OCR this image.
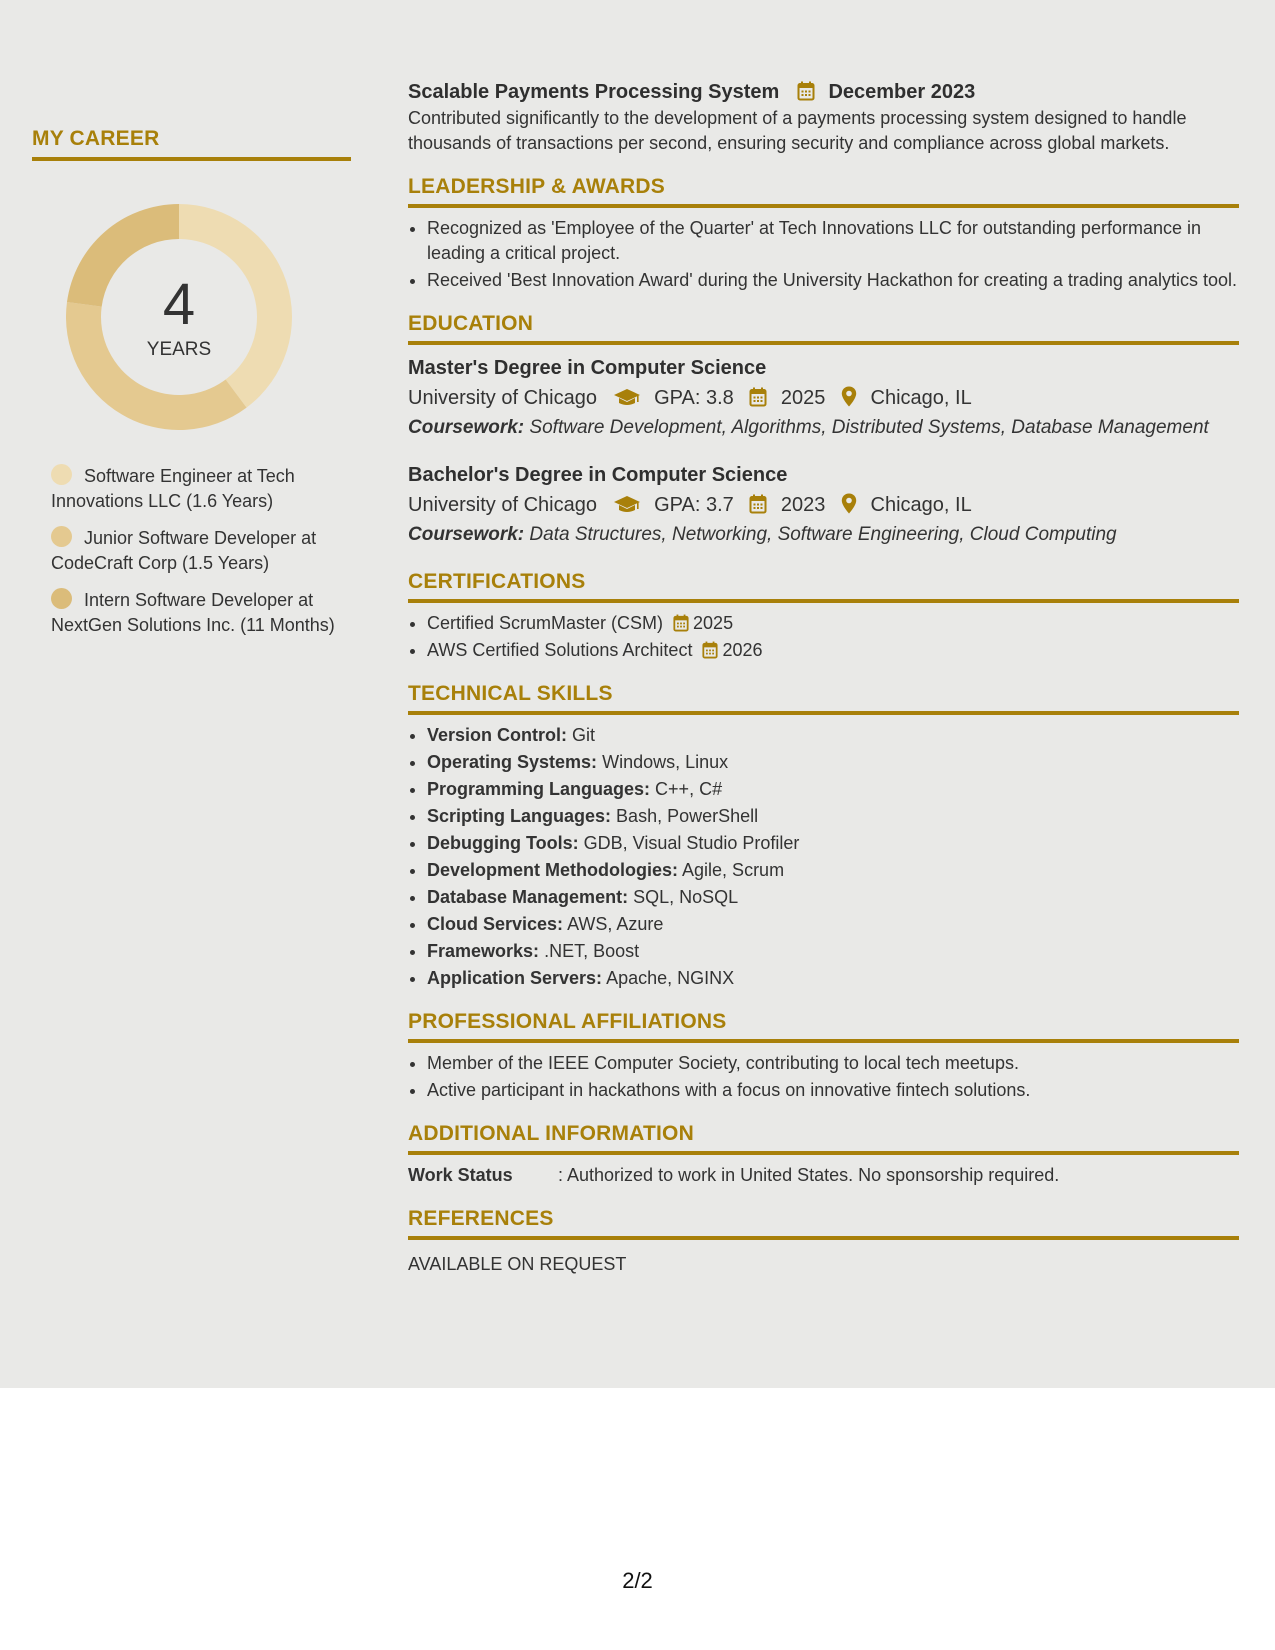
MY CAREER
4
YEARS
Software Engineer at Tech Innovations LLC (1.6 Years)
Junior Software Developer at CodeCraft Corp (1.5 Years)
Intern Software Developer at NextGen Solutions Inc. (11 Months)
Scalable Payments Processing System December 2023
Contributed significantly to the development of a payments processing system designed to handle thousands of transactions per second, ensuring security and compliance across global markets.
LEADERSHIP & AWARDS
• Recognized as 'Employee of the Quarter' at Tech Innovations LLC for outstanding performance in leading a critical project.
• Received 'Best Innovation Award' during the University Hackathon for creating a trading analytics tool.
EDUCATION
Master's Degree in Computer Science
University of Chicago	GPA: 3.8 2025 Chicago, IL
Coursework: Software Development, Algorithms, Distributed Systems, Database Management
Bachelor's Degree in Computer Science
University of Chicago	GPA: 3.7 2023 Chicago, IL
Coursework: Data Structures, Networking, Software Engineering, Cloud Computing
CERTIFICATIONS
• Certified ScrumMaster (CSM) 2025
• AWS Certified Solutions Architect 2026
TECHNICAL SKILLS
• Version Control: Git
• Operating Systems: Windows, Linux
• Programming Languages: C++, C#
• Scripting Languages: Bash, PowerShell
• Debugging Tools: GDB, Visual Studio Profiler
• Development Methodologies: Agile, Scrum
• Database Management: SQL, NoSQL
• Cloud Services: AWS, Azure
• Frameworks: .NET, Boost
• Application Servers: Apache, NGINX
PROFESSIONAL AFFILIATIONS
• Member of the IEEE Computer Society, contributing to local tech meetups.
• Active participant in hackathons with a focus on innovative fintech solutions.
ADDITIONAL INFORMATION
Work Status	: Authorized to work in United States. No sponsorship required.
REFERENCES
AVAILABLE ON REQUEST
2/2
